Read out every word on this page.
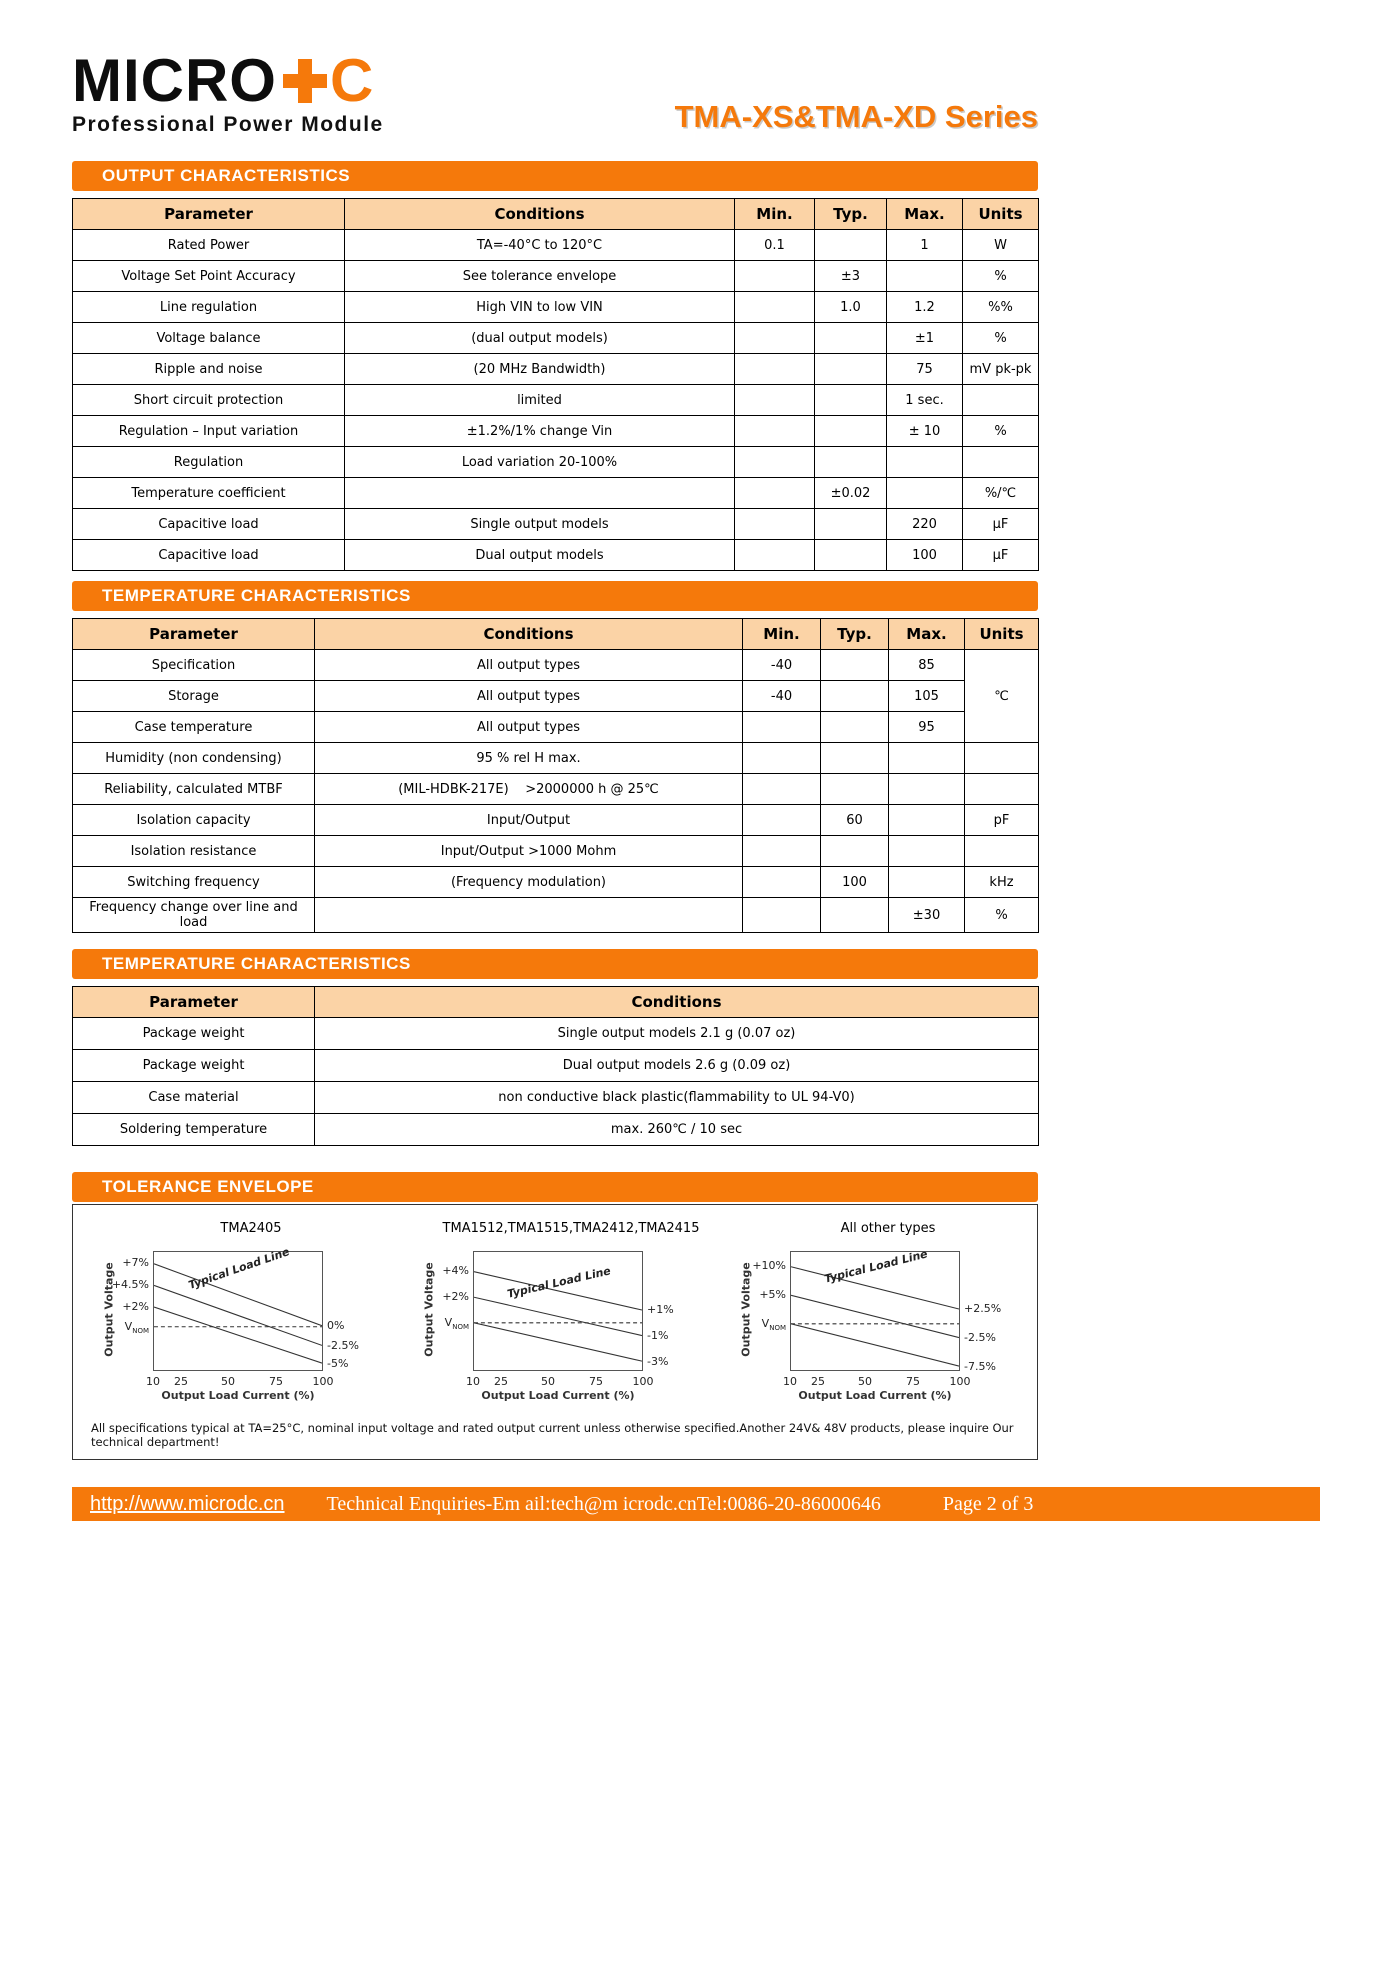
MICRO C
Professional Power Module	TMA-XS&TMA-XD Series
OUTPUT CHARACTERISTICS
Parameter	Conditions	Min.	Typ.	Max.	Units
Rated Power	TA=-40°C to 120°C	0.1		1	W
Voltage Set Point Accuracy	See tolerance envelope		±3		%
Line regulation	High VIN to low VIN		1.0	1.2	%%
Voltage balance	(dual output models)			±1	%
Ripple and noise	(20 MHz Bandwidth)			75	mV pk-pk
Short circuit protection	limited			1 sec.	
Regulation – Input variation	±1.2%/1% change Vin			± 10	%
Regulation	Load variation 20-100%				
Temperature coefficient			±0.02		%/℃
Capacitive load	Single output models			220	μF
Capacitive load	Dual output models			100	μF
TEMPERATURE CHARACTERISTICS
Parameter	Conditions	Min.	Typ.	Max.	Units
Specification	All output types	-40		85	℃
Storage	All output types	-40		105	
Case temperature	All output types			95	
Humidity (non condensing)	95 % rel H max.				
Reliability, calculated MTBF	(MIL-HDBK-217E)    >2000000 h @ 25℃				
Isolation capacity	Input/Output		60		pF
Isolation resistance	Input/Output >1000 Mohm				
Switching frequency	(Frequency modulation)		100		kHz
Frequency change over line and load				±30	%
TEMPERATURE CHARACTERISTICS
Parameter	Conditions
Package weight	Single output models 2.1 g (0.07 oz)
Package weight	Dual output models 2.6 g (0.09 oz)
Case material	non conductive black plastic(flammability to UL 94-V0)
Soldering temperature	max. 260℃ / 10 sec
TOLERANCE ENVELOPE
TMA2405
Output Voltage	Typical Load Line
+7%
+4.5%
+2%
$V_{NOM}$	0%
-2.5%
-5%
10 25	50	75	100
Output Load Current (%)
TMA1512,TMA1515,TMA2412,TMA2415
Output Voltage	Typical Load Line
+4%
+2%
$V_{NOM}$
+1%
-1%
-3%
10 25	50	75	100
Output Load Current (%)
All other types
Output Voltage	Typical Load Line
+10%
+5%
$V_{NOM}$
+2.5%
-2.5%
-7.5%
10 25	50	75	100
Output Load Current (%)
All specifications typical at TA=25°C, nominal input voltage and rated output current unless otherwise specified.Another 24V& 48V products, please inquire Our technical department!
http://www.microdc.cn Technical Enquiries-Em ail:tech@m icrodc.cn Tel:0086-20-86000646	Page 2 of 3
